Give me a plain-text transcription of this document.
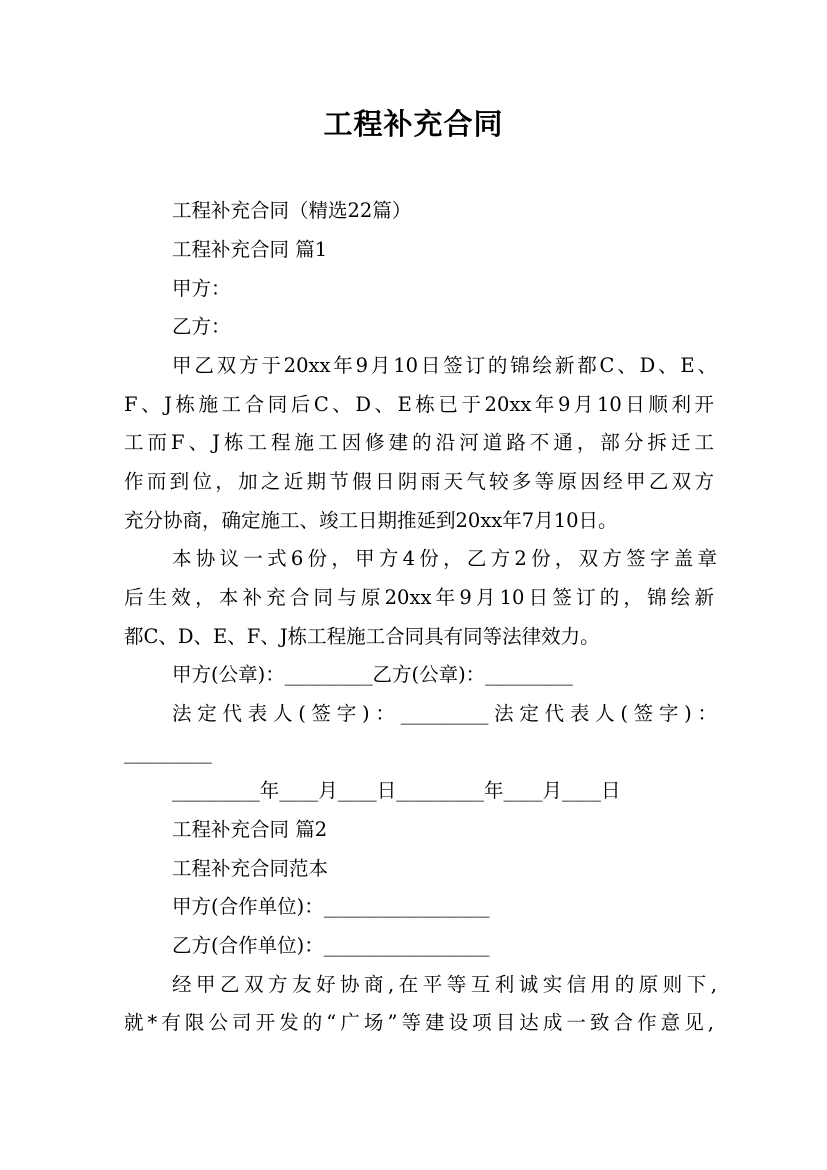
工程补充合同

工程补充合同（精选22篇）

工程补充合同 篇1

甲方：

乙方：

甲乙双方于20xx年9月10日签订的锦绘新都C、D、E、

F、J栋施工合同后C、D、E栋已于20xx年9月10日顺利开

工而F、J栋工程施工因修建的沿河道路不通，部分拆迁工

作而到位，加之近期节假日阴雨天气较多等原因经甲乙双方

充分协商，确定施工、竣工日期推延到20xx年7月10日。

本协议一式6份，甲方4份，乙方2份，双方签字盖章

后生效，本补充合同与原20xx年9月10日签订的，锦绘新

都C、D、E、F、J栋工程施工合同具有同等法律效力。

甲方(公章)：_________乙方(公章)：_________

法定代表人(签字)：_________法定代表人(签字)：

_________

_________年____月____日_________年____月____日

工程补充合同 篇2

工程补充合同范本

甲方(合作单位)：_________________

乙方(合作单位)：_________________

经甲乙双方友好协商,在平等互利诚实信用的原则下,

就*有限公司开发的“广场”等建设项目达成一致合作意见,
